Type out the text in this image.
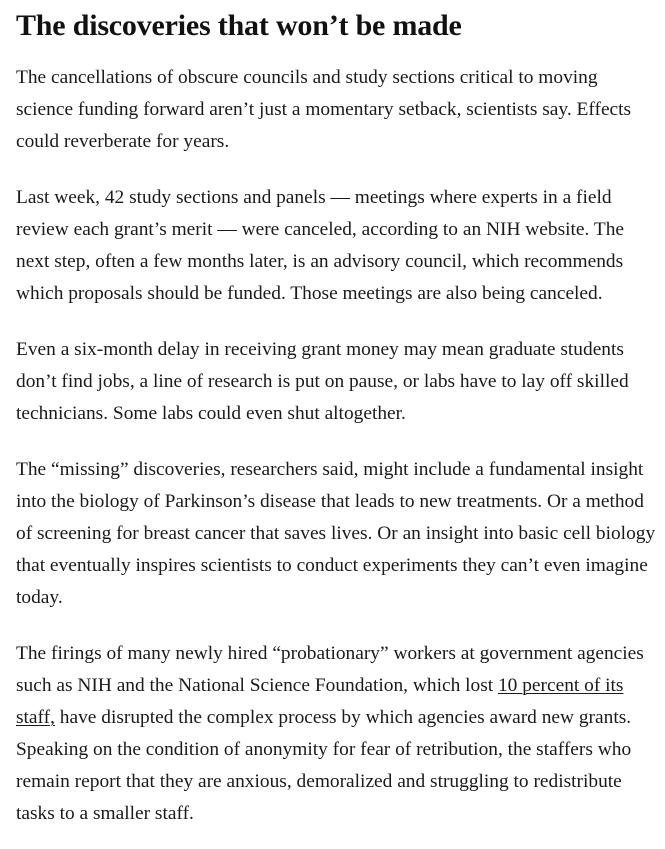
The discoveries that won’t be made

The cancellations of obscure councils and study sections critical to moving science funding forward aren’t just a momentary setback, scientists say. Effects could reverberate for years.

Last week, 42 study sections and panels — meetings where experts in a field review each grant’s merit — were canceled, according to an NIH website. The next step, often a few months later, is an advisory council, which recommends which proposals should be funded. Those meetings are also being canceled.

Even a six-month delay in receiving grant money may mean graduate students don’t find jobs, a line of research is put on pause, or labs have to lay off skilled technicians. Some labs could even shut altogether.

The “missing” discoveries, researchers said, might include a fundamental insight into the biology of Parkinson’s disease that leads to new treatments. Or a method of screening for breast cancer that saves lives. Or an insight into basic cell biology that eventually inspires scientists to conduct experiments they can’t even imagine today.

The firings of many newly hired “probationary” workers at government agencies such as NIH and the National Science Foundation, which lost 10 percent of its staff, have disrupted the complex process by which agencies award new grants. Speaking on the condition of anonymity for fear of retribution, the staffers who remain report that they are anxious, demoralized and struggling to redistribute tasks to a smaller staff.
